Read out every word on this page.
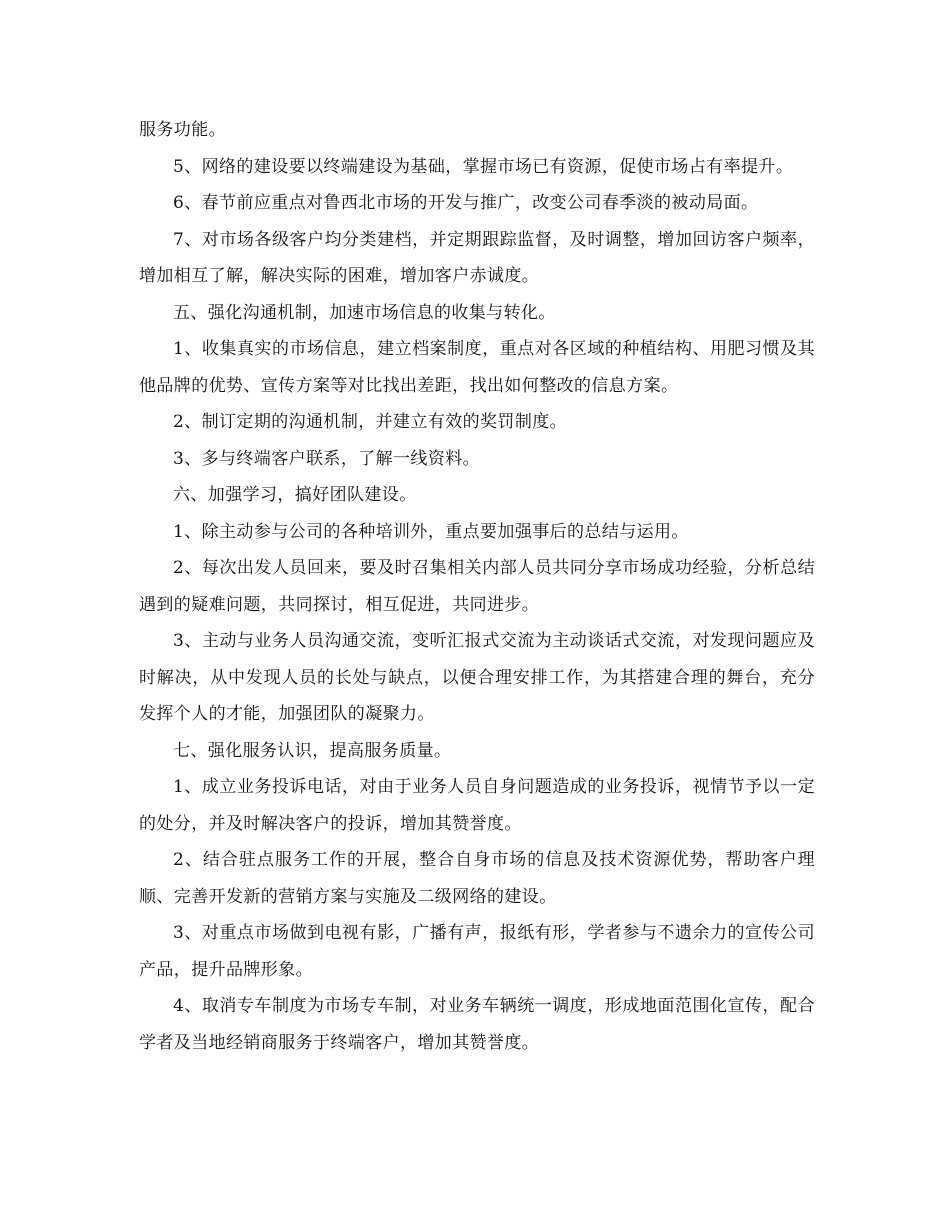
服务功能。

5、网络的建设要以终端建设为基础，掌握市场已有资源，促使市场占有率提升。

6、春节前应重点对鲁西北市场的开发与推广，改变公司春季淡的被动局面。

7、对市场各级客户均分类建档，并定期跟踪监督，及时调整，增加回访客户频率，增加相互了解，解决实际的困难，增加客户赤诚度。

五、强化沟通机制，加速市场信息的收集与转化。

1、收集真实的市场信息，建立档案制度，重点对各区域的种植结构、用肥习惯及其他品牌的优势、宣传方案等对比找出差距，找出如何整改的信息方案。

2、制订定期的沟通机制，并建立有效的奖罚制度。

3、多与终端客户联系，了解一线资料。

六、加强学习，搞好团队建设。

1、除主动参与公司的各种培训外，重点要加强事后的总结与运用。

2、每次出发人员回来，要及时召集相关内部人员共同分享市场成功经验，分析总结遇到的疑难问题，共同探讨，相互促进，共同进步。

3、主动与业务人员沟通交流，变听汇报式交流为主动谈话式交流，对发现问题应及时解决，从中发现人员的长处与缺点，以便合理安排工作，为其搭建合理的舞台，充分发挥个人的才能，加强团队的凝聚力。

七、强化服务认识，提高服务质量。

1、成立业务投诉电话，对由于业务人员自身问题造成的业务投诉，视情节予以一定的处分，并及时解决客户的投诉，增加其赞誉度。

2、结合驻点服务工作的开展，整合自身市场的信息及技术资源优势，帮助客户理顺、完善开发新的营销方案与实施及二级网络的建设。

3、对重点市场做到电视有影，广播有声，报纸有形，学者参与不遗余力的宣传公司产品，提升品牌形象。

4、取消专车制度为市场专车制，对业务车辆统一调度，形成地面范围化宣传，配合学者及当地经销商服务于终端客户，增加其赞誉度。
